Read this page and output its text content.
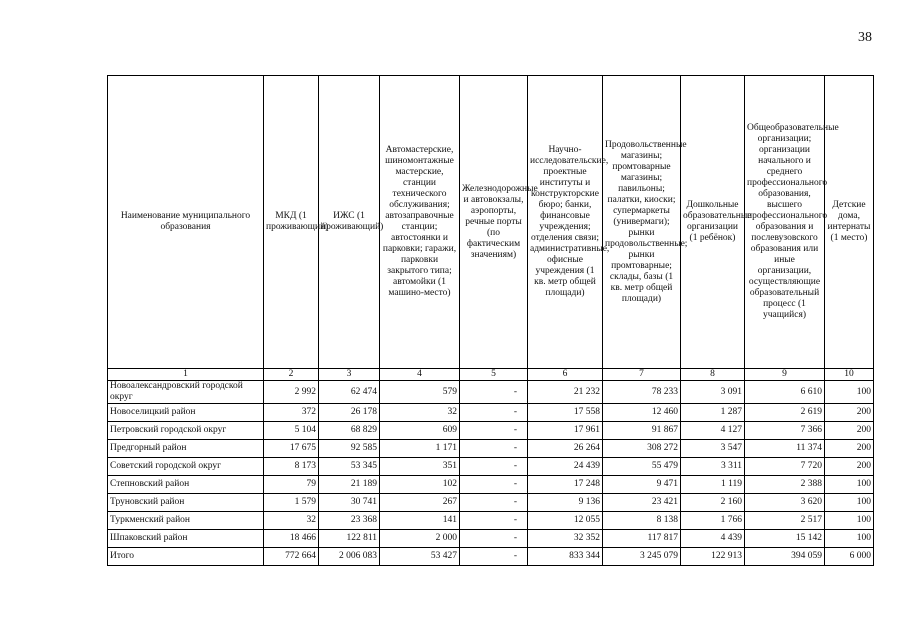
38
Наименование муниципального образования	МКД (1 проживающий)	ИЖС (1 проживающий)	Автомастерские, шиномонтажные мастерские, станции технического обслуживания; автозаправочные станции; автостоянки и парковки; гаражи, парковки закрытого типа; автомойки (1 машино-место)	Железнодорожные и автовокзалы, аэропорты, речные порты (по фактическим значениям)	Научно-исследовательские, проектные институты и конструкторские бюро; банки, финансовые учреждения; отделения связи; административные, офисные учреждения (1 кв. метр общей площади)	Продовольственные магазины; промтоварные магазины; павильоны; палатки, киоски; супермаркеты (универмаги); рынки продовольственные; рынки промтоварные; склады, базы (1 кв. метр общей площади)	Дошкольные образовательные организации (1 ребёнок)	Общеобразовательные организации; организации начального и среднего профессионального образования, высшего профессионального образования и послевузовского образования или иные организации, осуществляющие образовательный процесс (1 учащийся)	Детские дома, интернаты (1 место)
1	2	3	4	5	6	7	8	9	10
Новоалександровский городской округ	2 992	62 474	579	-	21 232	78 233	3 091	6 610	100
Новоселицкий район	372	26 178	32	-	17 558	12 460	1 287	2 619	200
Петровский городской округ	5 104	68 829	609	-	17 961	91 867	4 127	7 366	200
Предгорный район	17 675	92 585	1 171	-	26 264	308 272	3 547	11 374	200
Советский городской округ	8 173	53 345	351	-	24 439	55 479	3 311	7 720	200
Степновский район	79	21 189	102	-	17 248	9 471	1 119	2 388	100
Труновский район	1 579	30 741	267	-	9 136	23 421	2 160	3 620	100
Туркменский район	32	23 368	141	-	12 055	8 138	1 766	2 517	100
Шпаковский район	18 466	122 811	2 000	-	32 352	117 817	4 439	15 142	100
Итого	772 664	2 006 083	53 427	-	833 344	3 245 079	122 913	394 059	6 000
